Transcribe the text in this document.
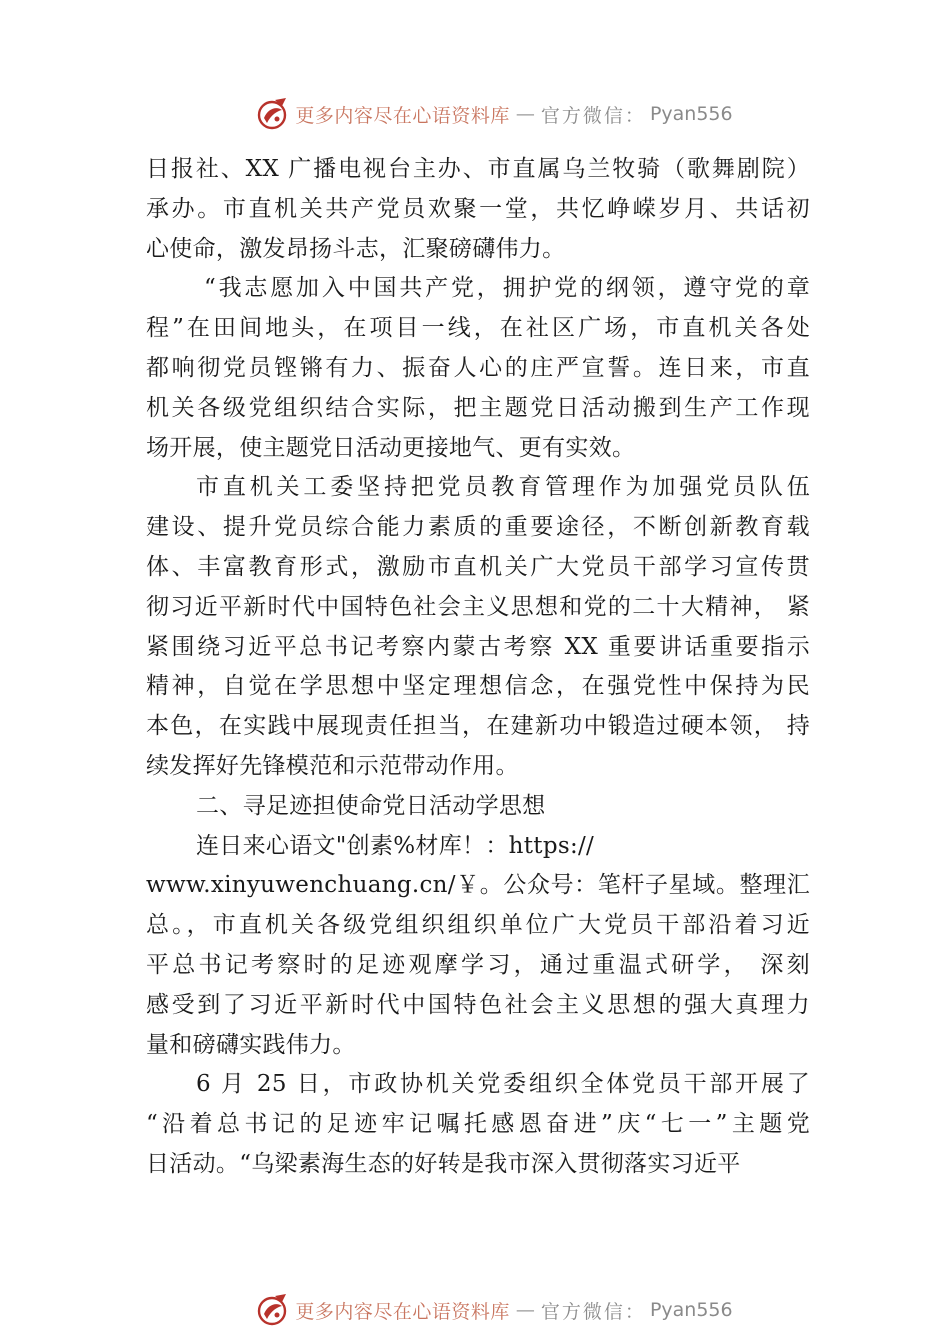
更多内容尽在心语资料库 — 官方微信： Pyan556
日报社、XX 广播电视台主办、市直属乌兰牧骑（歌舞剧院）
承办。市直机关共产党员欢聚一堂，共忆峥嵘岁月、共话初
心使命，激发昂扬斗志，汇聚磅礴伟力。
“我志愿加入中国共产党，拥护党的纲领，遵守党的章
程”在田间地头，在项目一线，在社区广场，市直机关各处
都响彻党员铿锵有力、振奋人心的庄严宣誓。连日来，市直
机关各级党组织结合实际，把主题党日活动搬到生产工作现
场开展，使主题党日活动更接地气、更有实效。
市直机关工委坚持把党员教育管理作为加强党员队伍
建设、提升党员综合能力素质的重要途径，不断创新教育载
体、丰富教育形式，激励市直机关广大党员干部学习宣传贯
彻习近平新时代中国特色社会主义思想和党的二十大精神， 紧
紧围绕习近平总书记考察内蒙古考察 XX 重要讲话重要指示
精神，自觉在学思想中坚定理想信念，在强党性中保持为民
本色，在实践中展现责任担当，在建新功中锻造过硬本领， 持
续发挥好先锋模范和示范带动作用。
二、寻足迹担使命党日活动学思想
连日来心语文"创素%材库！：https://
www.xinyuwenchuang.cn/￥。公众号：笔杆子星域。整理汇
总。，市直机关各级党组织组织单位广大党员干部沿着习近
平总书记考察时的足迹观摩学习，通过重温式研学， 深刻
感受到了习近平新时代中国特色社会主义思想的强大真理力
量和磅礴实践伟力。
6 月 25 日，市政协机关党委组织全体党员干部开展了
“沿着总书记的足迹牢记嘱托感恩奋进”庆“七一”主题党
日活动。“乌梁素海生态的好转是我市深入贯彻落实习近平
更多内容尽在心语资料库 — 官方微信： Pyan556
